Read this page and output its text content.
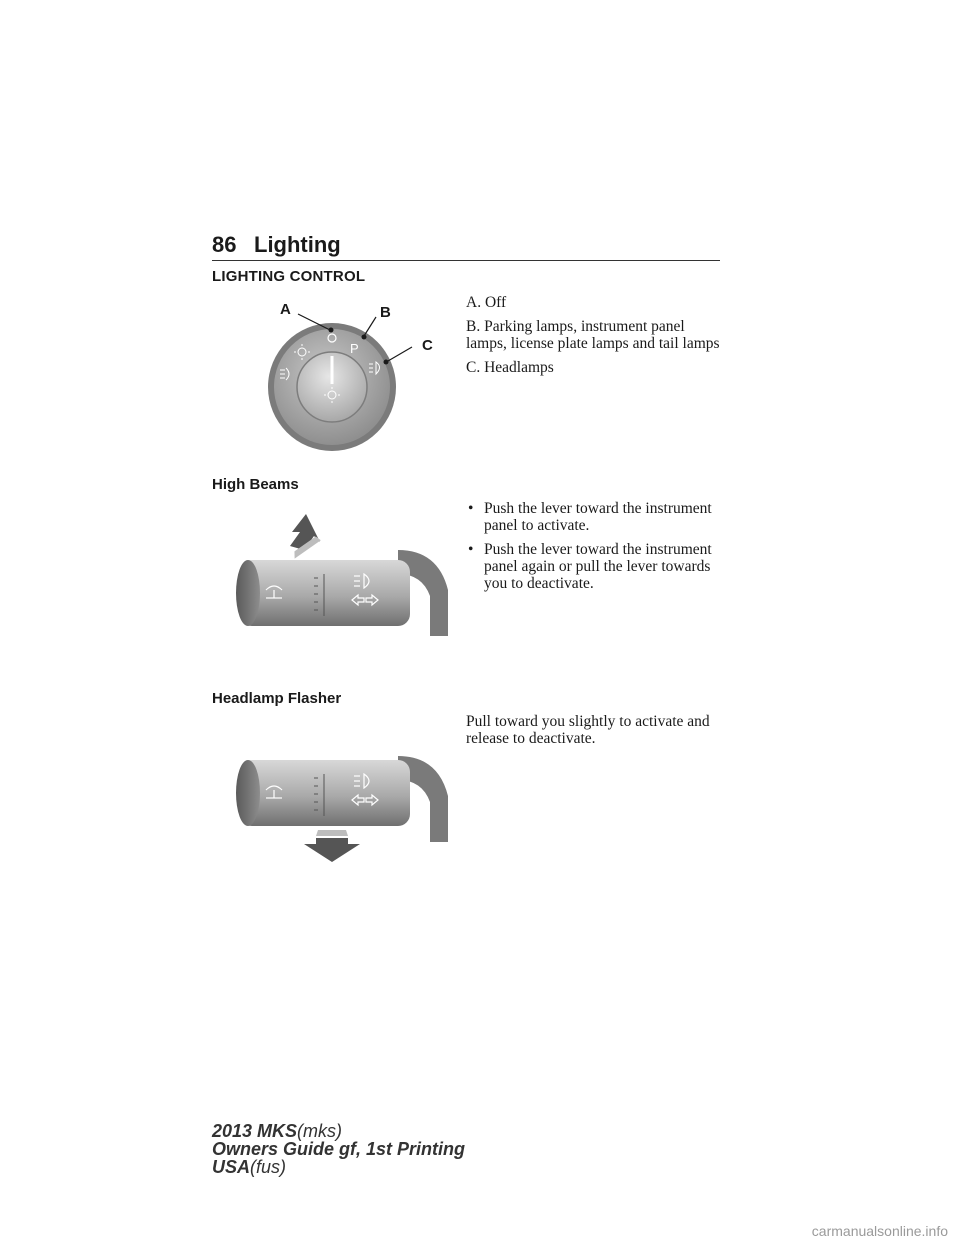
86 Lighting
LIGHTING CONTROL
P
A	B
C

A. Off

B. Parking lamps, instrument panel lamps, license plate lamps and tail lamps

C. Headlamps

High Beams
• Push the lever toward the instrument panel to activate.
• Push the lever toward the instrument panel again or pull the lever towards you to deactivate.
Headlamp Flasher
Pull toward you slightly to activate and release to deactivate.
2013 MKS(mks)
Owners Guide gf, 1st Printing
USA(fus)
carmanualsonline.info
